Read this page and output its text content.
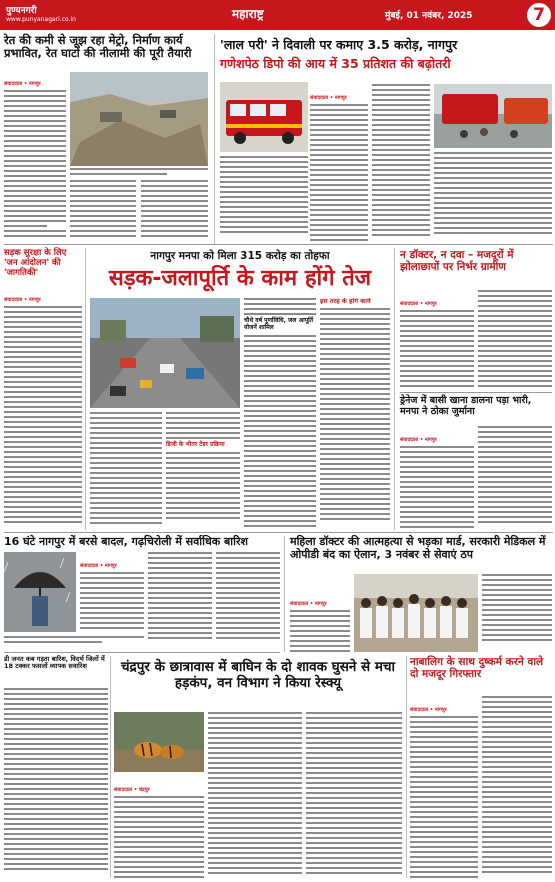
पुण्यनगरी
www.punyanagari.co.in	महाराष्ट्र	मुंबई, 01 नवंबर, 2025	7
रेत की कमी से जूझ रहा मेट्रो, निर्माण कार्य प्रभावित, रेत घाटों की नीलामी की पूरी तैयारी
संवाददाता • नागपुर
'लाल परी' ने दिवाली पर कमाए 3.5 करोड़, नागपुर
गणेशपेठ डिपो की आय में 35 प्रतिशत की बढ़ोतरी
संवाददाता • नागपुर
सड़क सुरक्षा के लिए 'जन आंदोलन' की 'जागतिकी'
संवाददाता • नागपुर
नागपुर मनपा को मिला 315 करोड़ का तोहफा
सड़क-जलापूर्ति के काम होंगे तेज
डिजी के भीतर टेंडर प्रक्रिया
चौथे वर्ष पूर्णाविधि, जल आपूर्ति योजनें शामिल
इस तरह के होंगे कार्य
न डॉक्टर, न दवा – मजदूरों में झोलाछापों पर निर्भर ग्रामीण
संवाददाता • नागपुर
ड्रेनेज में बासी खाना डालना पड़ा भारी, मनपा ने ठोका जुर्माना
संवाददाता • नागपुर
16 घंटे नागपुर में बरसे बादल, गढ़चिरोली में सर्वाधिक बारिश
संवाददाता • नागपुर
डी जनत कब गड़ता बारिश, विदर्भ जिलों में 18 टक्कर फसलों व्यापक सवारिश	चंद्रपुर के छात्रावास में बाघिन के दो शावक घुसने से मचा हड़कंप, वन विभाग ने किया रेस्क्यू
संवाददाता • चंद्रपुर
महिला डॉक्टर की आत्महत्या से भड़का मार्ड, सरकारी मेडिकल में ओपीडी बंद का ऐलान, 3 नवंबर से सेवाएं ठप
संवाददाता • नागपुर
नाबालिग के साथ दुष्कर्म करने वाले दो मजदूर गिरफ्तार
संवाददाता • नागपुर
